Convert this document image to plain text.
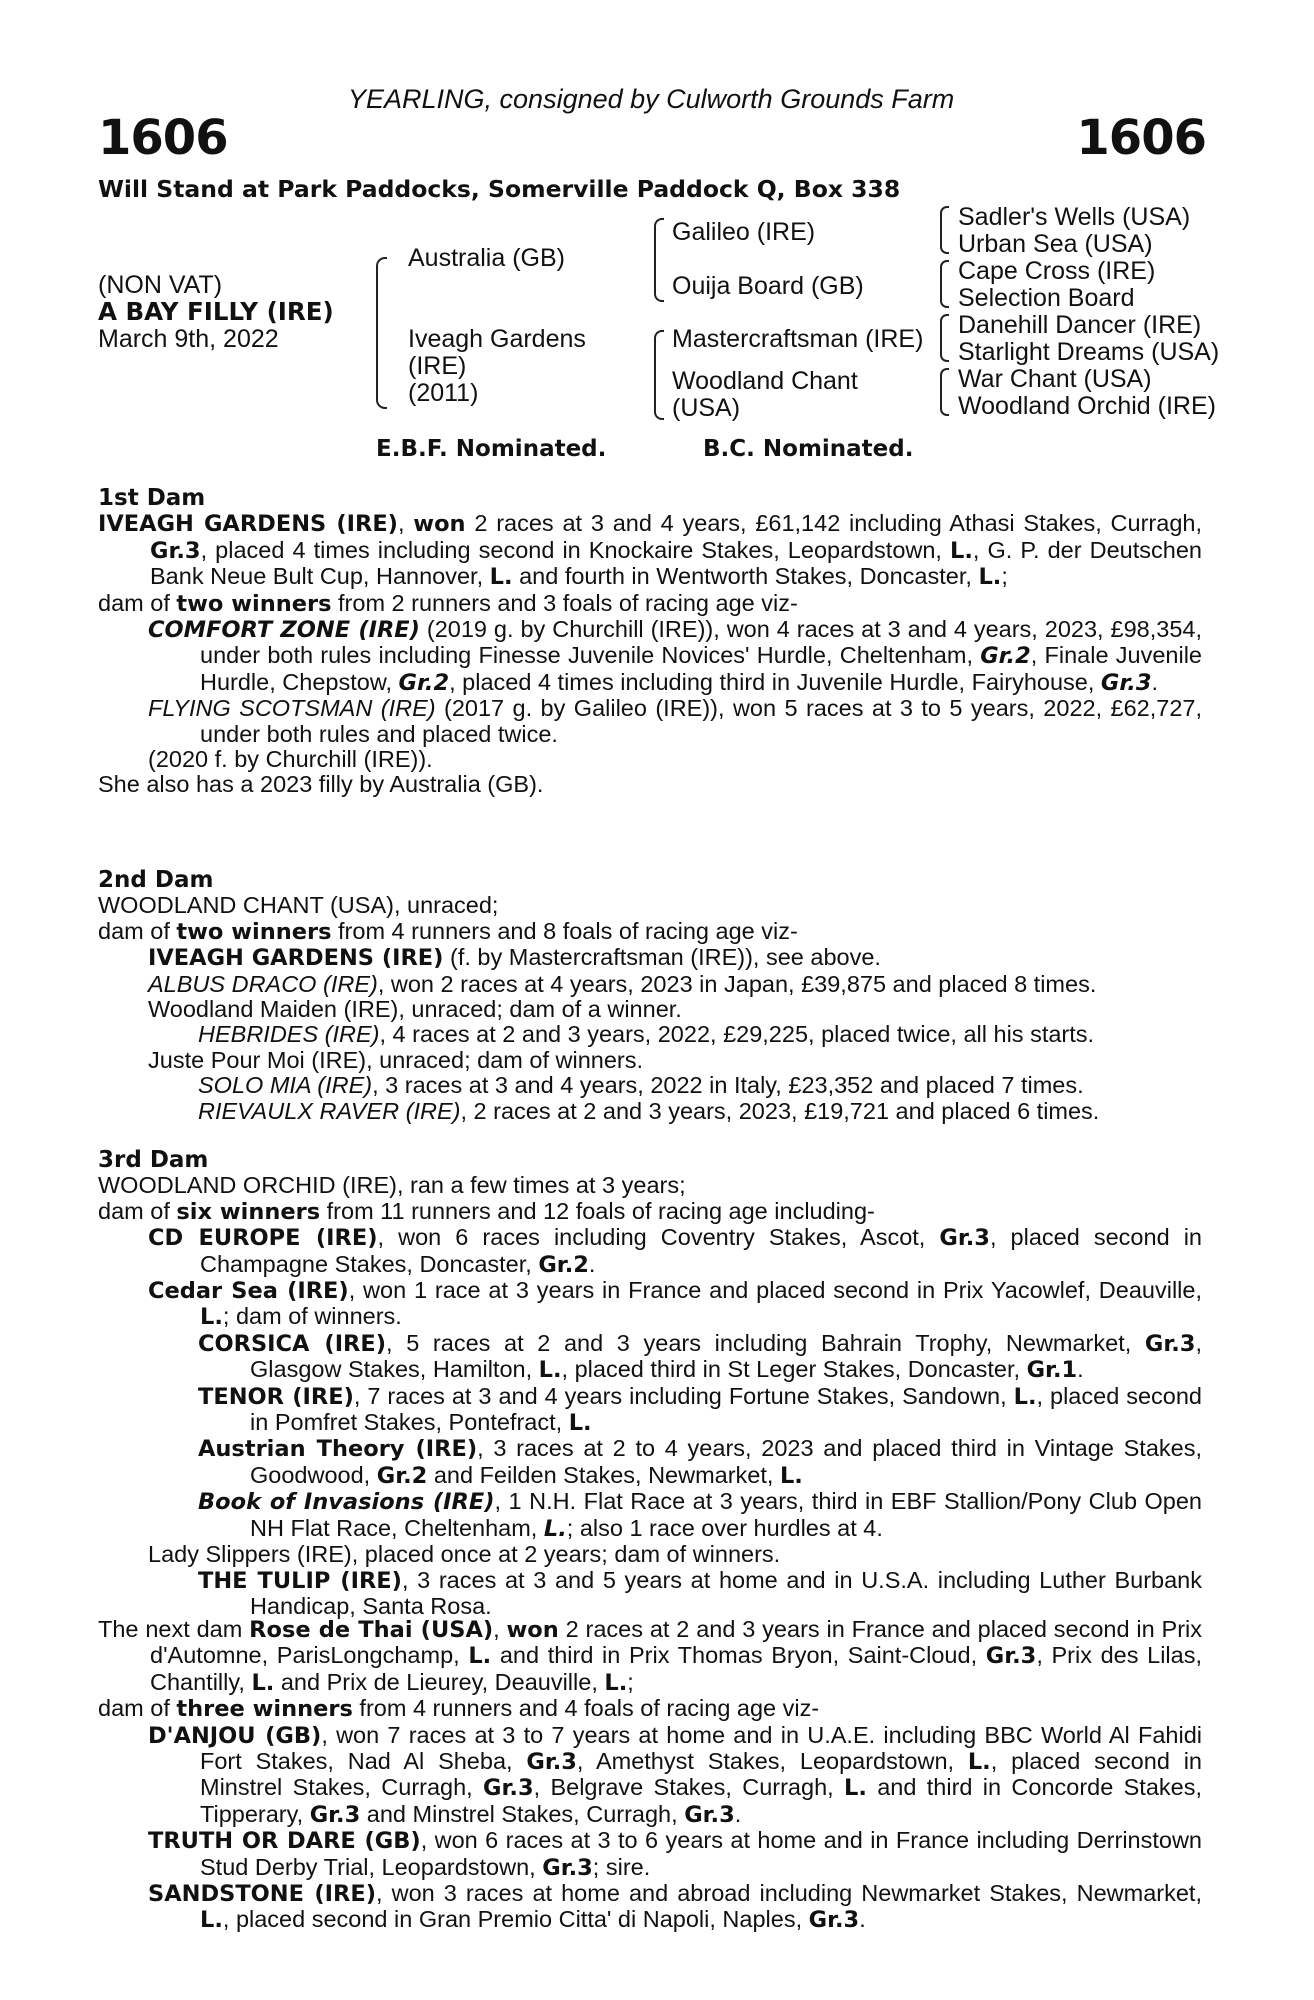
YEARLING, consigned by Culworth Grounds Farm
1606	1606
Will Stand at Park Paddocks, Somerville Paddock Q, Box 338
(NON VAT)
A BAY FILLY (IRE)
March 9th, 2022
Australia (GB)
Iveagh Gardens
(IRE)
(2011)
Galileo (IRE)
Ouija Board (GB)
Mastercraftsman (IRE)
Woodland Chant
(USA)
Sadler's Wells (USA)
Urban Sea (USA)
Cape Cross (IRE)
Selection Board
Danehill Dancer (IRE)
Starlight Dreams (USA)
War Chant (USA)
Woodland Orchid (IRE)
E.B.F. Nominated.	B.C. Nominated.

1st Dam

IVEAGH GARDENS (IRE), won 2 races at 3 and 4 years, £61,142 including Athasi Stakes, Curragh, Gr.3, placed 4 times including second in Knockaire Stakes, Leopardstown, L., G. P. der Deutschen Bank Neue Bult Cup, Hannover, L. and fourth in Wentworth Stakes, Doncaster, L.;

dam of two winners from 2 runners and 3 foals of racing age viz-

COMFORT ZONE (IRE) (2019 g. by Churchill (IRE)), won 4 races at 3 and 4 years, 2023, £98,354, under both rules including Finesse Juvenile Novices' Hurdle, Cheltenham, Gr.2, Finale Juvenile Hurdle, Chepstow, Gr.2, placed 4 times including third in Juvenile Hurdle, Fairyhouse, Gr.3.

FLYING SCOTSMAN (IRE) (2017 g. by Galileo (IRE)), won 5 races at 3 to 5 years, 2022, £62,727, under both rules and placed twice.

(2020 f. by Churchill (IRE)).

She also has a 2023 filly by Australia (GB).

2nd Dam

WOODLAND CHANT (USA), unraced;

dam of two winners from 4 runners and 8 foals of racing age viz-

IVEAGH GARDENS (IRE) (f. by Mastercraftsman (IRE)), see above.

ALBUS DRACO (IRE), won 2 races at 4 years, 2023 in Japan, £39,875 and placed 8 times.

Woodland Maiden (IRE), unraced; dam of a winner.

HEBRIDES (IRE), 4 races at 2 and 3 years, 2022, £29,225, placed twice, all his starts.

Juste Pour Moi (IRE), unraced; dam of winners.

SOLO MIA (IRE), 3 races at 3 and 4 years, 2022 in Italy, £23,352 and placed 7 times.

RIEVAULX RAVER (IRE), 2 races at 2 and 3 years, 2023, £19,721 and placed 6 times.

3rd Dam

WOODLAND ORCHID (IRE), ran a few times at 3 years;

dam of six winners from 11 runners and 12 foals of racing age including-

CD EUROPE (IRE), won 6 races including Coventry Stakes, Ascot, Gr.3, placed second in Champagne Stakes, Doncaster, Gr.2.

Cedar Sea (IRE), won 1 race at 3 years in France and placed second in Prix Yacowlef, Deauville, L.; dam of winners.

CORSICA (IRE), 5 races at 2 and 3 years including Bahrain Trophy, Newmarket, Gr.3, Glasgow Stakes, Hamilton, L., placed third in St Leger Stakes, Doncaster, Gr.1.

TENOR (IRE), 7 races at 3 and 4 years including Fortune Stakes, Sandown, L., placed second in Pomfret Stakes, Pontefract, L.

Austrian Theory (IRE), 3 races at 2 to 4 years, 2023 and placed third in Vintage Stakes, Goodwood, Gr.2 and Feilden Stakes, Newmarket, L.

Book of Invasions (IRE), 1 N.H. Flat Race at 3 years, third in EBF Stallion/Pony Club Open NH Flat Race, Cheltenham, L.; also 1 race over hurdles at 4.

Lady Slippers (IRE), placed once at 2 years; dam of winners.

THE TULIP (IRE), 3 races at 3 and 5 years at home and in U.S.A. including Luther Burbank Handicap, Santa Rosa.

The next dam Rose de Thai (USA), won 2 races at 2 and 3 years in France and placed second in Prix d'Automne, ParisLongchamp, L. and third in Prix Thomas Bryon, Saint-Cloud, Gr.3, Prix des Lilas, Chantilly, L. and Prix de Lieurey, Deauville, L.;

dam of three winners from 4 runners and 4 foals of racing age viz-

D'ANJOU (GB), won 7 races at 3 to 7 years at home and in U.A.E. including BBC World Al Fahidi Fort Stakes, Nad Al Sheba, Gr.3, Amethyst Stakes, Leopardstown, L., placed second in Minstrel Stakes, Curragh, Gr.3, Belgrave Stakes, Curragh, L. and third in Concorde Stakes, Tipperary, Gr.3 and Minstrel Stakes, Curragh, Gr.3.

TRUTH OR DARE (GB), won 6 races at 3 to 6 years at home and in France including Derrinstown Stud Derby Trial, Leopardstown, Gr.3; sire.

SANDSTONE (IRE), won 3 races at home and abroad including Newmarket Stakes, Newmarket, L., placed second in Gran Premio Citta' di Napoli, Naples, Gr.3.
